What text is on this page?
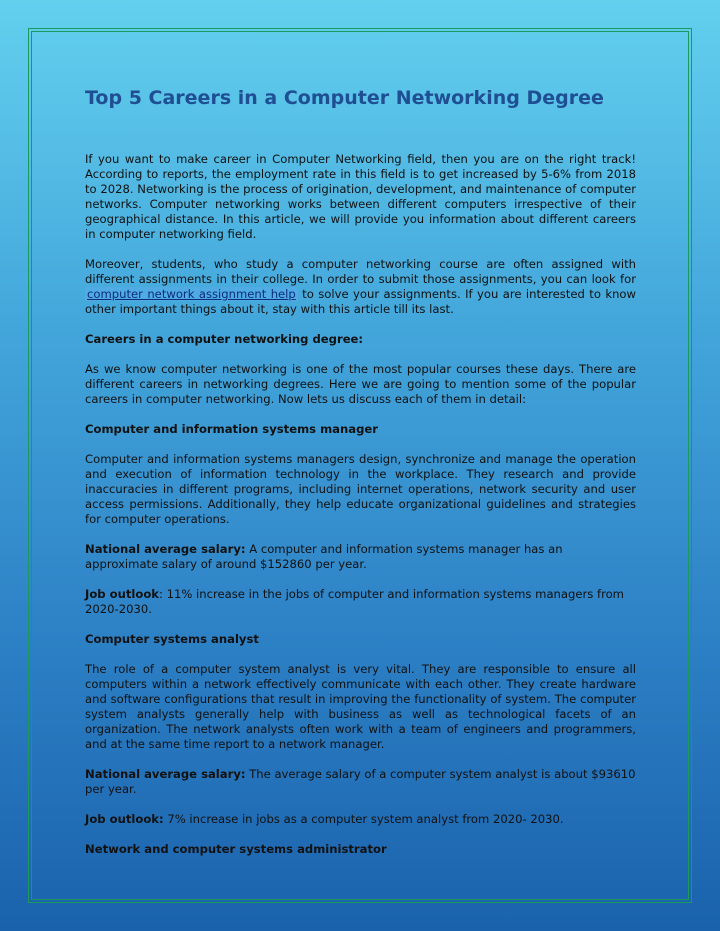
Top 5 Careers in a Computer Networking Degree

If you want to make career in Computer Networking field, then you are on the right track! According to reports, the employment rate in this field is to get increased by 5-6% from 2018 to 2028. Networking is the process of origination, development, and maintenance of computer networks. Computer networking works between different computers irrespective of their geographical distance. In this article, we will provide you information about different careers in computer networking field.

Moreover, students, who study a computer networking course are often assigned with different assignments in their college. In order to submit those assignments, you can look for computer network assignment help to solve your assignments. If you are interested to know other important things about it, stay with this article till its last.

Careers in a computer networking degree:

As we know computer networking is one of the most popular courses these days. There are different careers in networking degrees. Here we are going to mention some of the popular careers in computer networking. Now lets us discuss each of them in detail:

Computer and information systems manager

Computer and information systems managers design, synchronize and manage the operation and execution of information technology in the workplace. They research and provide inaccuracies in different programs, including internet operations, network security and user access permissions. Additionally, they help educate organizational guidelines and strategies for computer operations.

National average salary: A computer and information systems manager has an approximate salary of around $152860 per year.

Job outlook: 11% increase in the jobs of computer and information systems managers from 2020-2030.

Computer systems analyst

The role of a computer system analyst is very vital. They are responsible to ensure all computers within a network effectively communicate with each other. They create hardware and software configurations that result in improving the functionality of system. The computer system analysts generally help with business as well as technological facets of an organization. The network analysts often work with a team of engineers and programmers, and at the same time report to a network manager.

National average salary: The average salary of a computer system analyst is about $93610 per year.

Job outlook: 7% increase in jobs as a computer system analyst from 2020- 2030.

Network and computer systems administrator
